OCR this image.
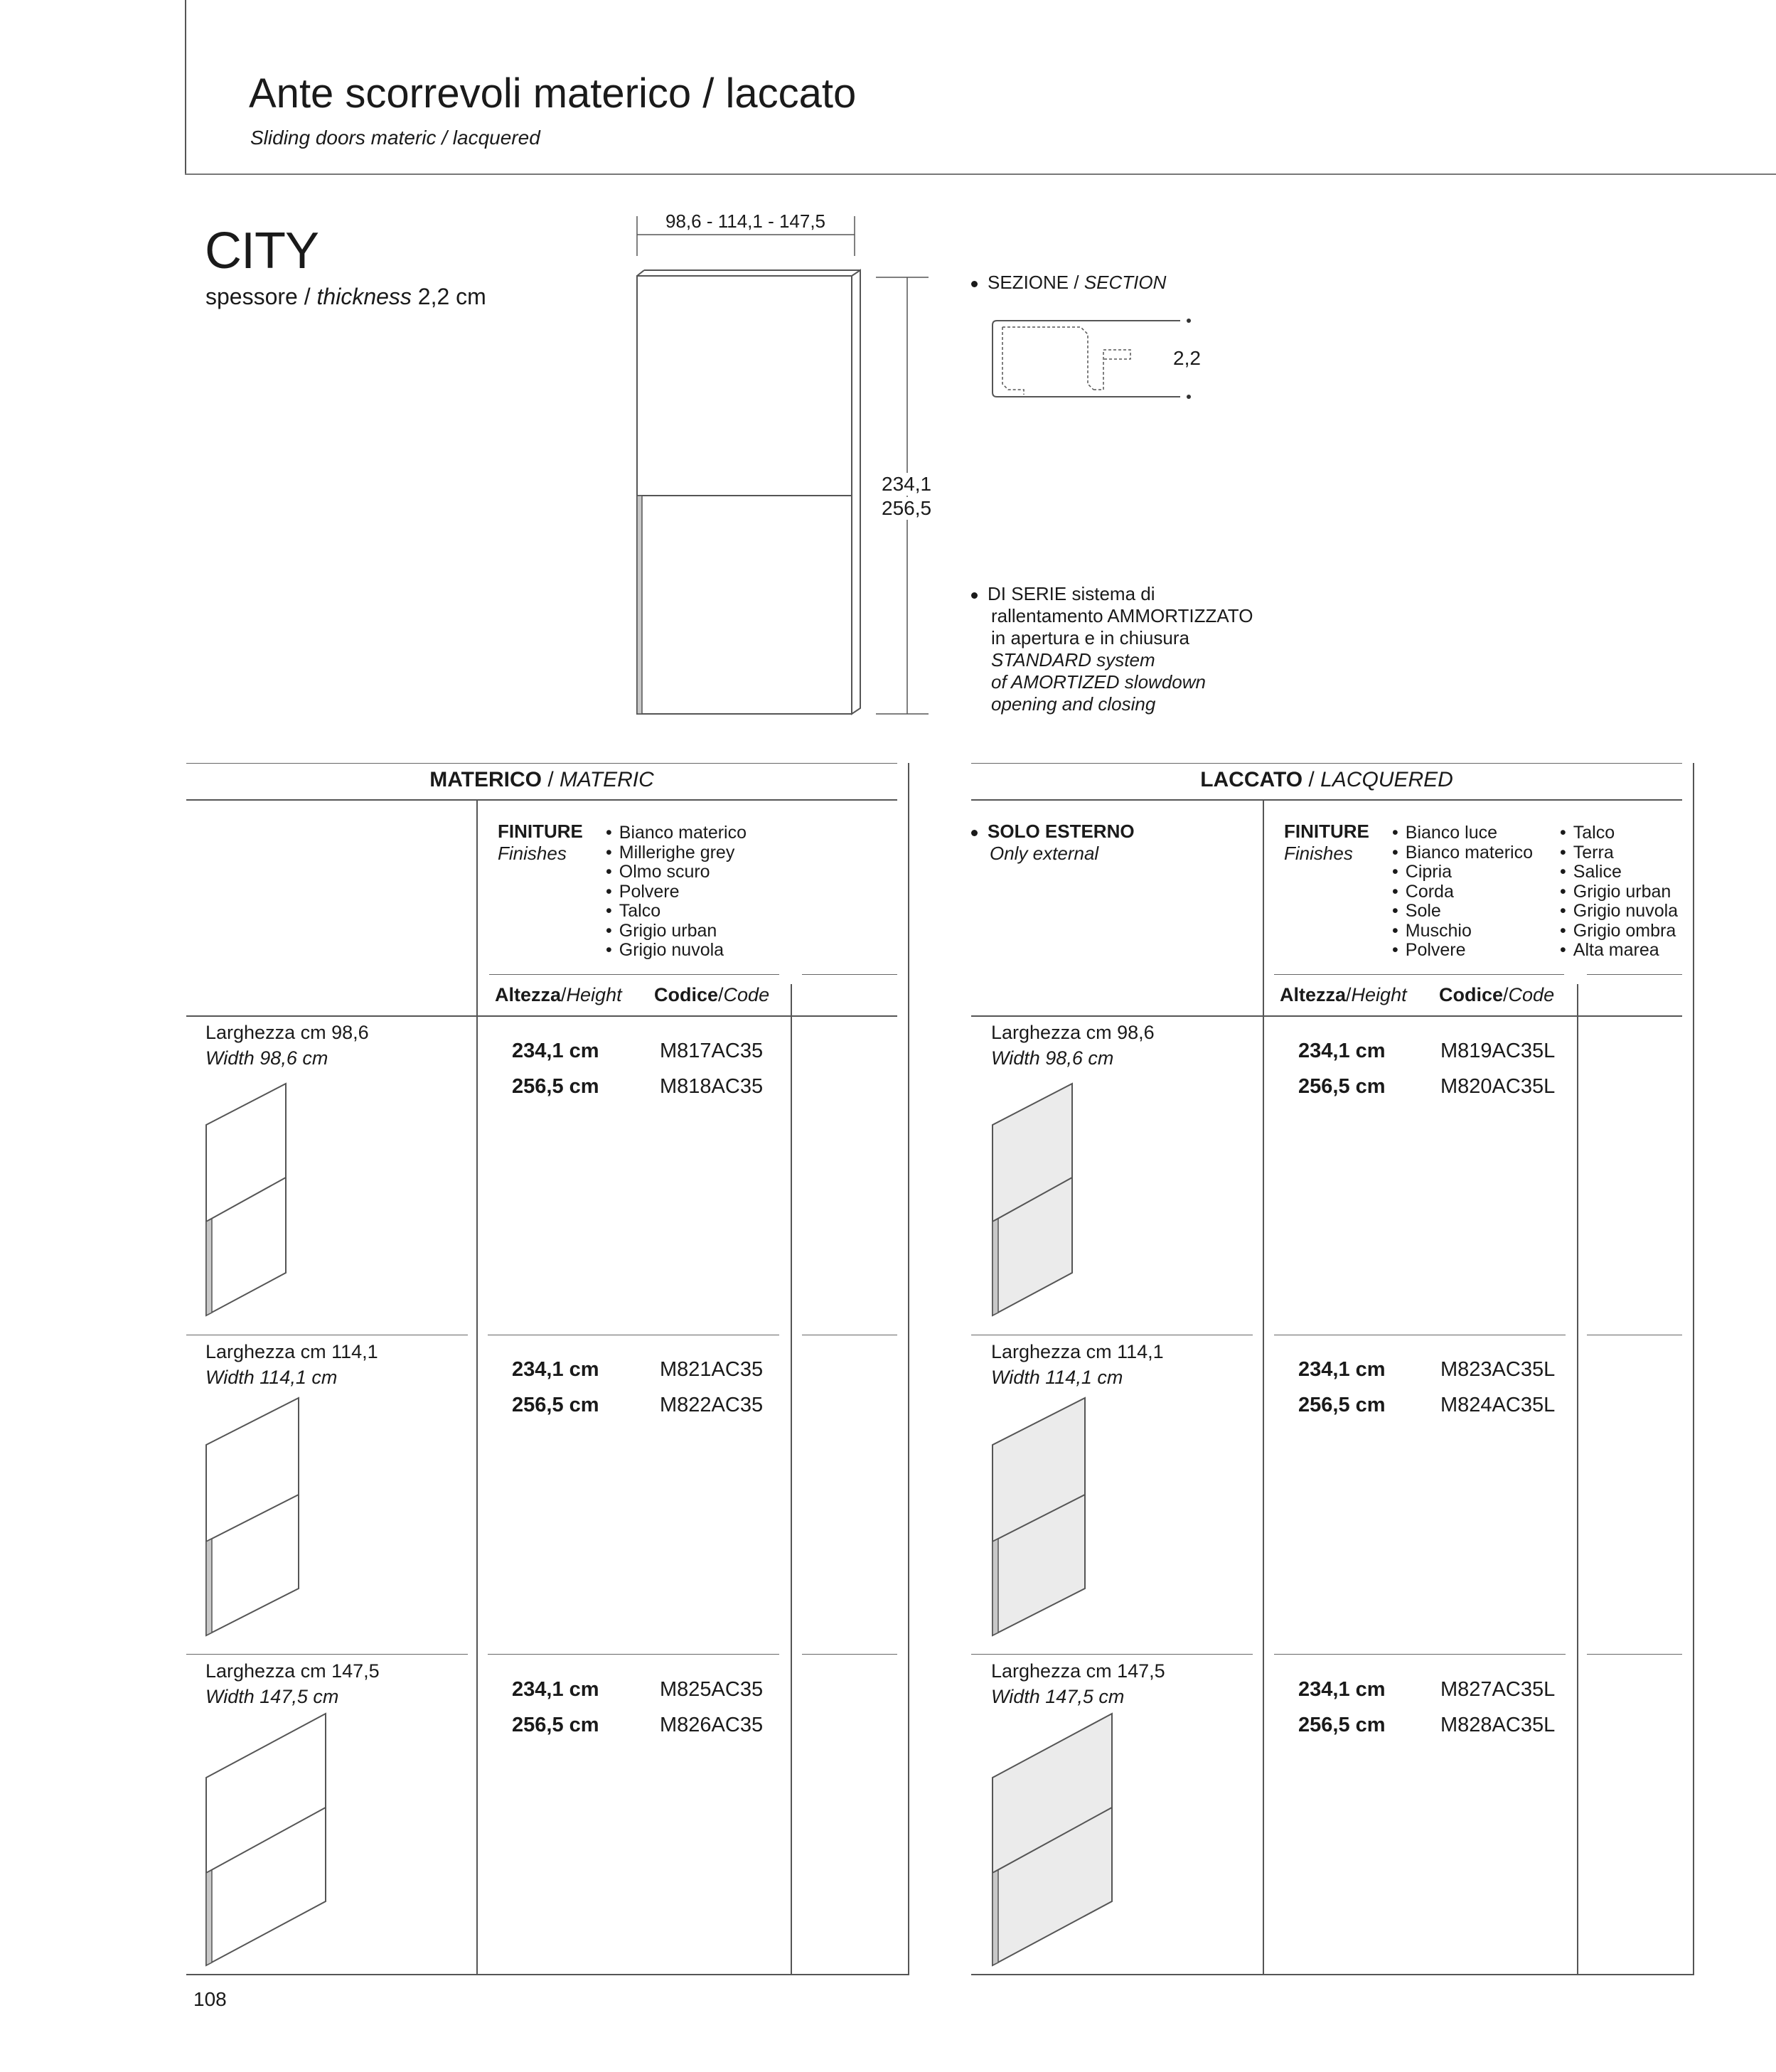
Ante scorrevoli materico / laccato
Sliding doors materic / lacquered
CITY
spessore / thickness 2,2 cm
98,6 - 114,1 - 147,5
234,1
256,5
SEZIONE / SECTION
2,2
DI SERIE sistema di
rallentamento AMMORTIZZATO
in apertura e in chiusura
STANDARD system
of AMORTIZED slowdown
opening and closing
MATERICO / MATERIC
FINITURE
Finishes
• Bianco materico
• Millerighe grey
• Olmo scuro
• Polvere
• Talco
• Grigio urban
• Grigio nuvola
Altezza/Height Codice/Code
Larghezza cm 98,6
Width 98,6 cm	234,1 cm	M817AC35
256,5 cm	M818AC35
Larghezza cm 114,1
Width 114,1 cm	234,1 cm	M821AC35
256,5 cm	M822AC35
Larghezza cm 147,5
Width 147,5 cm	234,1 cm	M825AC35
256,5 cm	M826AC35
LACCATO / LACQUERED
SOLO ESTERNO
Only external
FINITURE
Finishes
• Bianco luce
• Bianco materico
• Cipria
• Corda
• Sole
• Muschio
• Polvere
• Talco
• Terra
• Salice
• Grigio urban
• Grigio nuvola
• Grigio ombra
• Alta marea
Altezza/Height Codice/Code
Larghezza cm 98,6
Width 98,6 cm	234,1 cm	M819AC35L
256,5 cm	M820AC35L
Larghezza cm 114,1
Width 114,1 cm	234,1 cm	M823AC35L
256,5 cm	M824AC35L
Larghezza cm 147,5
Width 147,5 cm	234,1 cm	M827AC35L
256,5 cm	M828AC35L
108
